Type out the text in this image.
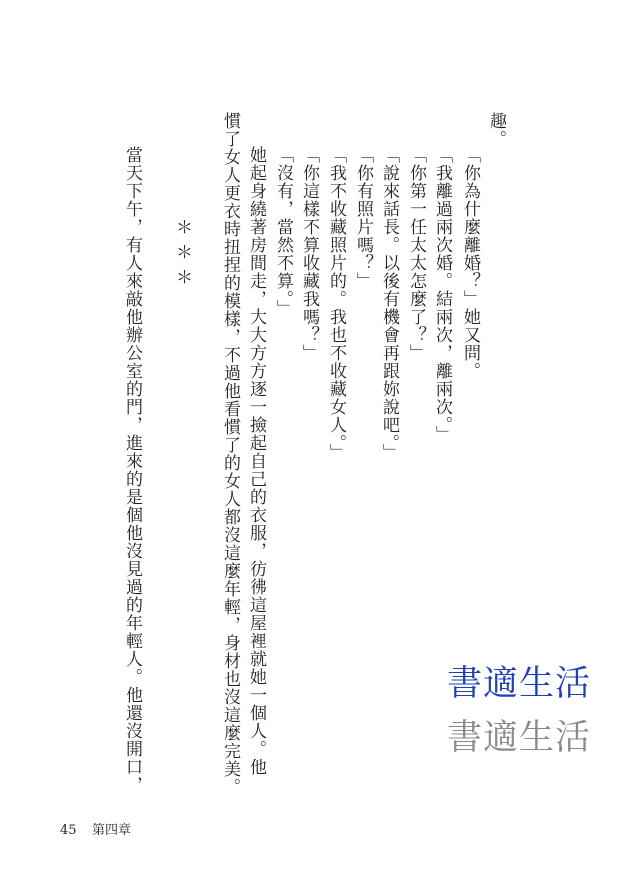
趣。
「你為什麼離婚？」她又問。
「我離過兩次婚。結兩次，離兩次。」
「你第一任太太怎麼了？」
「說來話長。以後有機會再跟妳說吧。」
「你有照片嗎？」
「我不收藏照片的。我也不收藏女人。」
「你這樣不算收藏我嗎？」
「沒有，當然不算。」
她起身繞著房間走，大大方方逐一撿起自己的衣服，彷彿這屋裡就她一個人。他
慣了女人更衣時扭捏的模樣，不過他看慣了的女人都沒這麼年輕，身材也沒這麼完美。
＊＊＊
當天下午，有人來敲他辦公室的門，進來的是個他沒見過的年輕人。他還沒開口，	書適生活
書適生活
45 第四章
